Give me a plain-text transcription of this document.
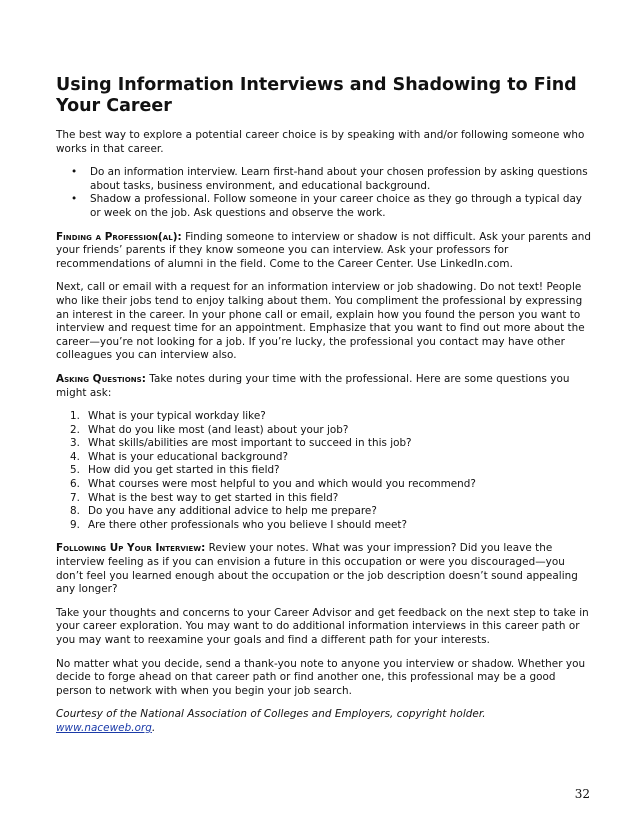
Using Information Interviews and Shadowing to Find Your Career

The best way to explore a potential career choice is by speaking with and/or following someone who works in that career.

• Do an information interview. Learn first-hand about your chosen profession by asking questions about tasks, business environment, and educational background.
• Shadow a professional. Follow someone in your career choice as they go through a typical day or week on the job. Ask questions and observe the work.

Finding a Profession(al): Finding someone to interview or shadow is not difficult. Ask your parents and your friends’ parents if they know someone you can interview. Ask your professors for recommendations of alumni in the field. Come to the Career Center. Use LinkedIn.com.

Next, call or email with a request for an information interview or job shadowing. Do not text! People who like their jobs tend to enjoy talking about them. You compliment the professional by expressing an interest in the career. In your phone call or email, explain how you found the person you want to interview and request time for an appointment. Emphasize that you want to find out more about the career—you’re not looking for a job. If you’re lucky, the professional you contact may have other colleagues you can interview also.

Asking Questions: Take notes during your time with the professional. Here are some questions you might ask:

1. What is your typical workday like?
2. What do you like most (and least) about your job?
3. What skills/abilities are most important to succeed in this job?
4. What is your educational background?
5. How did you get started in this field?
6. What courses were most helpful to you and which would you recommend?
7. What is the best way to get started in this field?
8. Do you have any additional advice to help me prepare?
9. Are there other professionals who you believe I should meet?

Following Up Your Interview: Review your notes. What was your impression? Did you leave the interview feeling as if you can envision a future in this occupation or were you discouraged—you don’t feel you learned enough about the occupation or the job description doesn’t sound appealing any longer?

Take your thoughts and concerns to your Career Advisor and get feedback on the next step to take in your career exploration. You may want to do additional information interviews in this career path or you may want to reexamine your goals and find a different path for your interests.

No matter what you decide, send a thank-you note to anyone you interview or shadow. Whether you decide to forge ahead on that career path or find another one, this professional may be a good person to network with when you begin your job search.

Courtesy of the National Association of Colleges and Employers, copyright holder.
www.naceweb.org.

32
